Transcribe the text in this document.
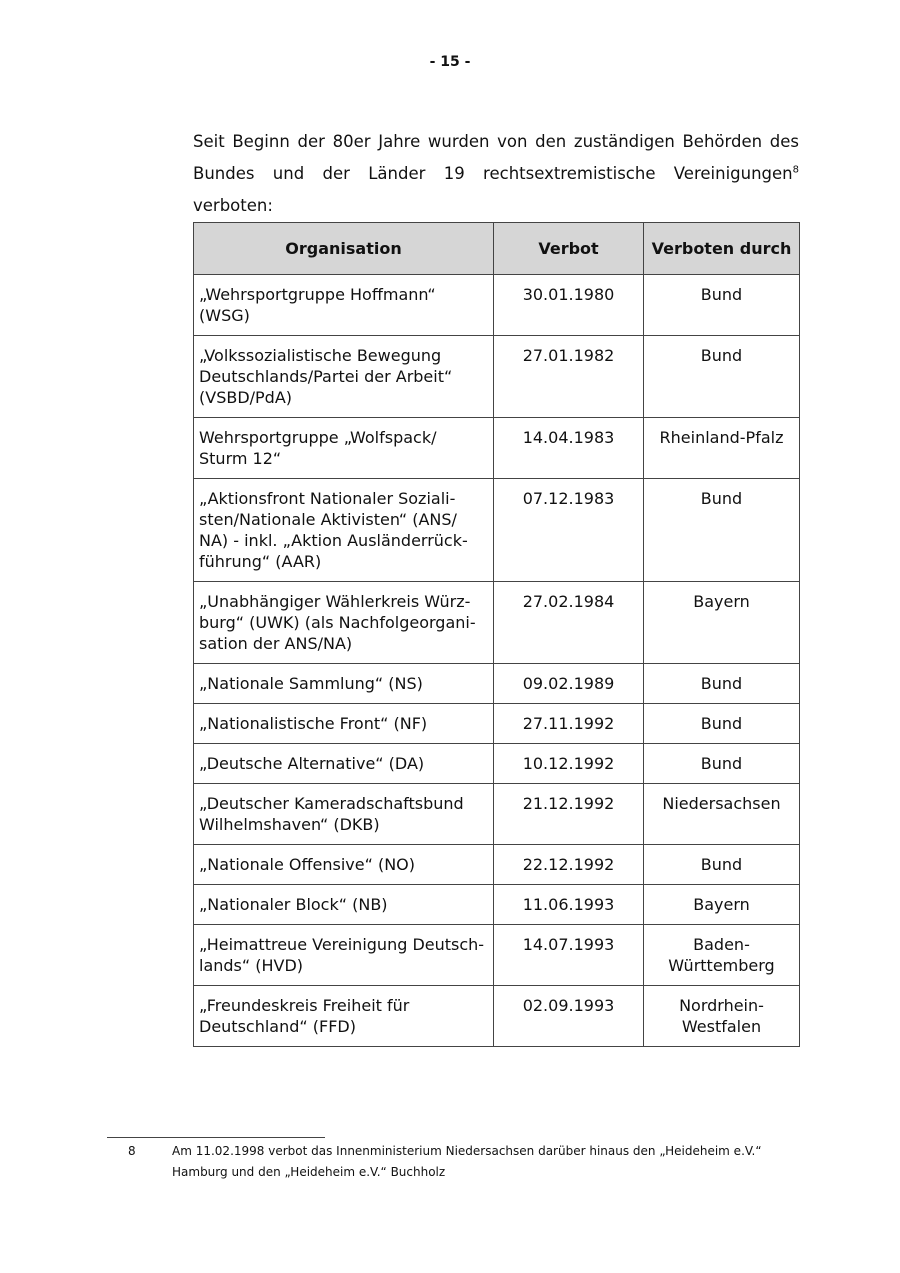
- 15 -

Seit Beginn der 80er Jahre wurden von den zuständigen Behörden des Bundes und der Länder 19 rechtsextremistische Vereinigungen$^8$ verboten:

Organisation	Verbot	Verboten durch
„Wehrsportgruppe Hoffmann“ (WSG)	30.01.1980	Bund
„Volkssozialistische Bewegung Deutschlands/Partei der Arbeit“ (VSBD/PdA)	27.01.1982	Bund
Wehrsportgruppe „Wolfspack/ Sturm 12“	14.04.1983	Rheinland-Pfalz
„Aktionsfront Nationaler Soziali-sten/Nationale Aktivisten“ (ANS/ NA) - inkl. „Aktion Ausländerrück-führung“ (AAR)	07.12.1983	Bund
„Unabhängiger Wählerkreis Würz-burg“ (UWK) (als Nachfolgeorgani-sation der ANS/NA)	27.02.1984	Bayern
„Nationale Sammlung“ (NS)	09.02.1989	Bund
„Nationalistische Front“ (NF)	27.11.1992	Bund
„Deutsche Alternative“ (DA)	10.12.1992	Bund
„Deutscher Kameradschaftsbund Wilhelmshaven“ (DKB)	21.12.1992	Niedersachsen
„Nationale Offensive“ (NO)	22.12.1992	Bund
„Nationaler Block“ (NB)	11.06.1993	Bayern
„Heimattreue Vereinigung Deutsch-lands“ (HVD)	14.07.1993	Baden-Württemberg
„Freundeskreis Freiheit für Deutschland“ (FFD)	02.09.1993	Nordrhein-Westfalen
8	Am 11.02.1998 verbot das Innenministerium Niedersachsen darüber hinaus den „Heideheim e.V.“ Hamburg und den „Heideheim e.V.“ Buchholz
